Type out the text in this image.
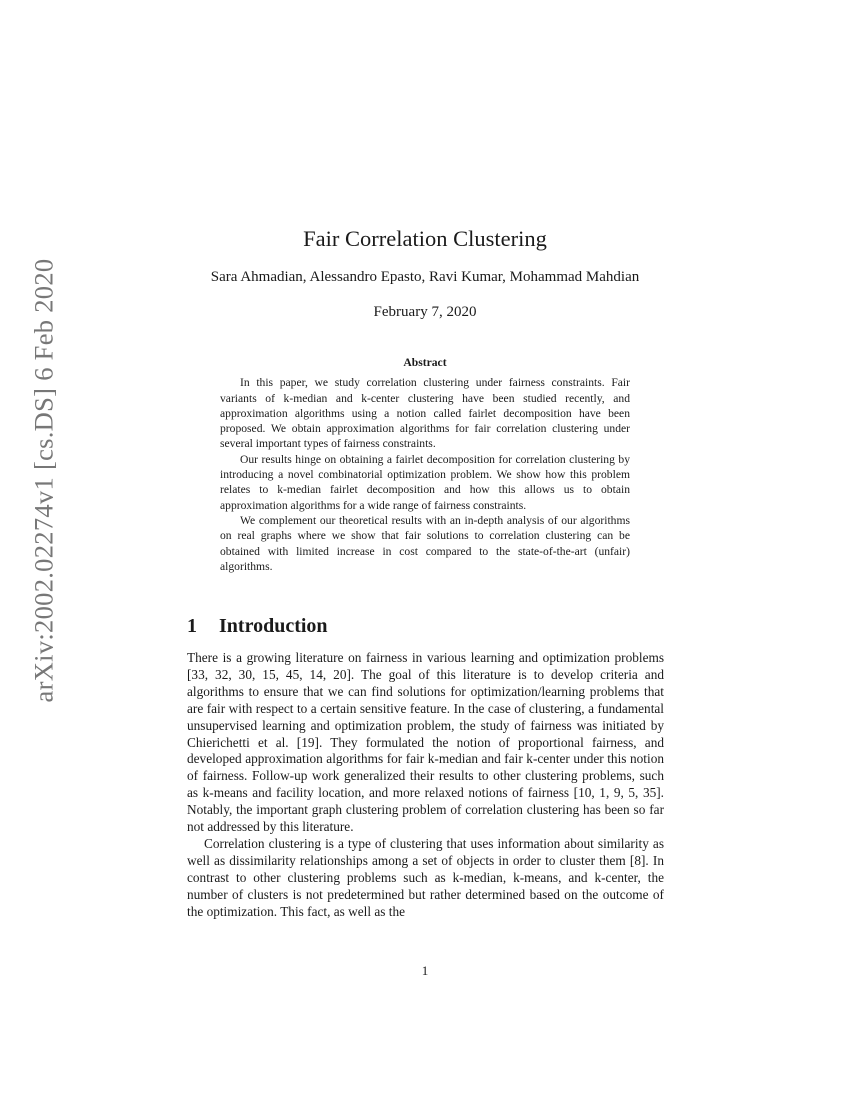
arXiv:2002.02274v1 [cs.DS] 6 Feb 2020
Fair Correlation Clustering
Sara Ahmadian, Alessandro Epasto, Ravi Kumar, Mohammad Mahdian
February 7, 2020
Abstract

In this paper, we study correlation clustering under fairness constraints. Fair variants of k-median and k-center clustering have been studied recently, and approximation algorithms using a notion called fairlet decomposition have been proposed. We obtain approximation algorithms for fair correlation clustering under several important types of fairness constraints.

Our results hinge on obtaining a fairlet decomposition for correlation clustering by introducing a novel combinatorial optimization problem. We show how this problem relates to k-median fairlet decomposition and how this allows us to obtain approximation algorithms for a wide range of fairness constraints.

We complement our theoretical results with an in-depth analysis of our algorithms on real graphs where we show that fair solutions to correlation clustering can be obtained with limited increase in cost compared to the state-of-the-art (unfair) algorithms.

1 Introduction

There is a growing literature on fairness in various learning and optimization problems [33, 32, 30, 15, 45, 14, 20]. The goal of this literature is to develop criteria and algorithms to ensure that we can find solutions for optimization/learning problems that are fair with respect to a certain sensitive feature. In the case of clustering, a fundamental unsupervised learning and optimization problem, the study of fairness was initiated by Chierichetti et al. [19]. They formulated the notion of proportional fairness, and developed approximation algorithms for fair k-median and fair k-center under this notion of fairness. Follow-up work generalized their results to other clustering problems, such as k-means and facility location, and more relaxed notions of fairness [10, 1, 9, 5, 35]. Notably, the important graph clustering problem of correlation clustering has been so far not addressed by this literature.

Correlation clustering is a type of clustering that uses information about similarity as well as dissimilarity relationships among a set of objects in order to cluster them [8]. In contrast to other clustering problems such as k-median, k-means, and k-center, the number of clusters is not predetermined but rather determined based on the outcome of the optimization. This fact, as well as the

1
